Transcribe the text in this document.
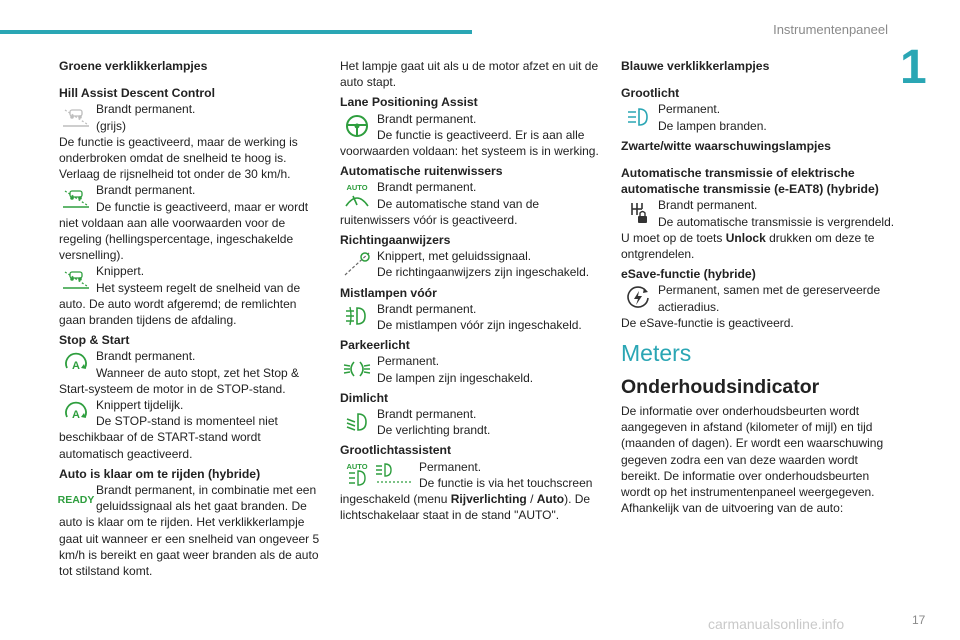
Instrumentenpaneel
1

Groene verklikkerlampjes

Hill Assist Descent Control

Brandt permanent.

(grijs)

De functie is geactiveerd, maar de werking is onderbroken omdat de snelheid te hoog is. Verlaag de rijsnelheid tot onder de 30 km/h.

Brandt permanent.

De functie is geactiveerd, maar er wordt niet voldaan aan alle voorwaarden voor de regeling (hellingspercentage, ingeschakelde versnelling).

Knippert.

Het systeem regelt de snelheid van de auto. De auto wordt afgeremd; de remlichten gaan branden tijdens de afdaling.

Stop & Start

A

Brandt permanent.

Wanneer de auto stopt, zet het Stop & Start-systeem de motor in de STOP-stand.

A

Knippert tijdelijk.

De STOP-stand is momenteel niet beschikbaar of de START-stand wordt automatisch geactiveerd.

Auto is klaar om te rijden (hybride)

READY

Brandt permanent, in combinatie met een geluidssignaal als het gaat branden. De auto is klaar om te rijden. Het verklikkerlampje gaat uit wanneer er een snelheid van ongeveer 5 km/h is bereikt en gaat weer branden als de auto tot stilstand komt.

Het lampje gaat uit als u de motor afzet en uit de auto stapt.

Lane Positioning Assist

Brandt permanent.

De functie is geactiveerd. Er is aan alle voorwaarden voldaan: het systeem is in werking.

Automatische ruitenwissers

AUTO Brandt permanent.

De automatische stand van de ruitenwissers vóór is geactiveerd.

Richtingaanwijzers

Knippert, met geluidssignaal.

De richtingaanwijzers zijn ingeschakeld.

Mistlampen vóór

Brandt permanent.

De mistlampen vóór zijn ingeschakeld.

Parkeerlicht

Permanent.

De lampen zijn ingeschakeld.

Dimlicht

Brandt permanent.

De verlichting brandt.

Grootlichtassistent

AUTO	Permanent.

De functie is via het touchscreen ingeschakeld (menu Rijverlichting / Auto). De lichtschakelaar staat in de stand "AUTO".

Blauwe verklikkerlampjes

Grootlicht

Permanent.

De lampen branden.

Zwarte/witte waarschuwingslampjes

Automatische transmissie of elektrische automatische transmissie (e-EAT8) (hybride)

Brandt permanent.

De automatische transmissie is vergrendeld.

U moet op de toets Unlock drukken om deze te ontgrendelen.

eSave-functie (hybride)

Permanent, samen met de gereserveerde actieradius.

De eSave-functie is geactiveerd.

Meters
Onderhoudsindicator

De informatie over onderhoudsbeurten wordt aangegeven in afstand (kilometer of mijl) en tijd (maanden of dagen). Er wordt een waarschuwing gegeven zodra een van deze waarden wordt bereikt. De informatie over onderhoudsbeurten wordt op het instrumentenpaneel weergegeven. Afhankelijk van de uitvoering van de auto:

17
carmanualsonline.info
